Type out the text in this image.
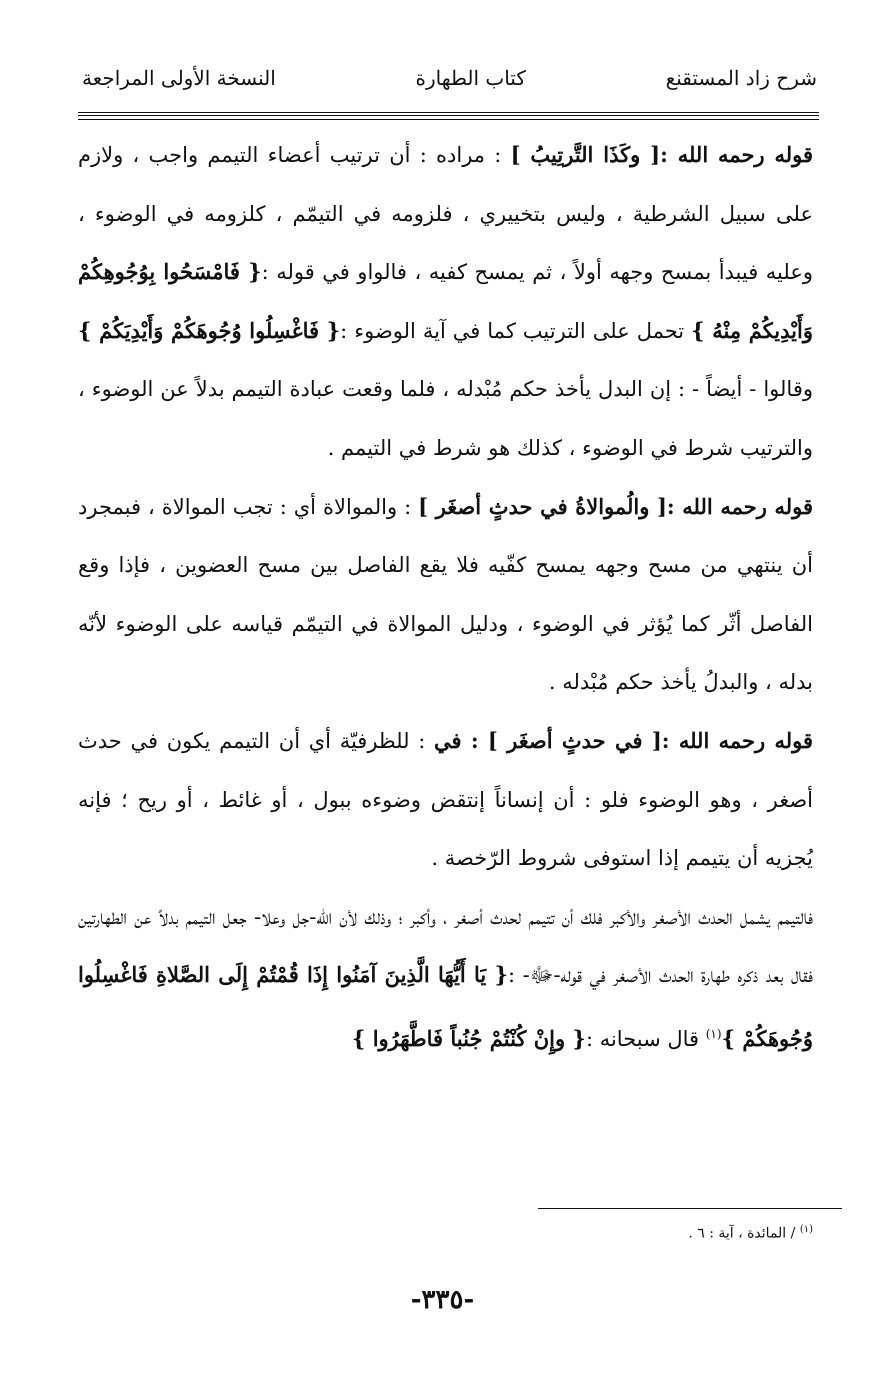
شرح زاد المستقنع
كتاب الطهارة
النسخة الأولى المراجعة

قوله رحمه الله :[ وكَذَا التَّرتِيبُ ] : مراده : أن ترتيب أعضاء التيمم واجب ، ولازم على سبيل الشرطية ، وليس بتخييري ، فلزومه في التيمّم ، كلزومه في الوضوء ، وعليه فيبدأ بمسح وجهه أولاً ، ثم يمسح كفيه ، فالواو في قوله :{ فَامْسَحُوا بِوُجُوهِكُمْ وَأَيْدِيكُمْ مِنْهُ } تحمل على الترتيب كما في آية الوضوء :{ فَاغْسِلُوا وُجُوهَكُمْ وَأَيْدِيَكُمْ } وقالوا - أيضاً - : إن البدل يأخذ حكم مُبْدله ، فلما وقعت عبادة التيمم بدلاً عن الوضوء ، والترتيب شرط في الوضوء ، كذلك هو شرط في التيمم .

قوله رحمه الله :[ والُموالاةُ في حدثٍ أصغَر ] : والموالاة أي : تجب الموالاة ، فبمجرد أن ينتهي من مسح وجهه يمسح كفّيه فلا يقع الفاصل بين مسح العضوين ، فإذا وقع الفاصل أثّر كما يُؤثر في الوضوء ، ودليل الموالاة في التيمّم قياسه على الوضوء لأنّه بدله ، والبدلُ يأخذ حكم مُبْدله .

قوله رحمه الله :[ في حدثٍ أصغَر ] : في : للظرفيّة أي أن التيمم يكون في حدث أصغر ، وهو الوضوء فلو : أن إنساناً إنتقض وضوءه ببول ، أو غائط ، أو ريح ؛ فإنه يُجزيه أن يتيمم إذا استوفى شروط الرّخصة .

فالتيمم يشمل الحدث الأصغر والأكبر فلك أن تتيمم لحدث أصغر ، وأكبر ؛ وذلك لأن الله-جل وعلا- جعل التيمم بدلاً عن الطهارتين فقال بعد ذكره طهارة الحدث الأصغر في قوله-ﷻ- :{ يَا أَيُّهَا الَّذِينَ آمَنُوا إِذَا قُمْتُمْ إِلَى الصَّلاةِ فَاغْسِلُوا وُجُوهَكُمْ }$^{(١)}$ قال سبحانه :{ وإِنْ كُنْتُمْ جُنُباً فَاطَّهَرُوا }

$^{(١)}$ / المائدة ، آية : ٦ .
-٣٣٥-
